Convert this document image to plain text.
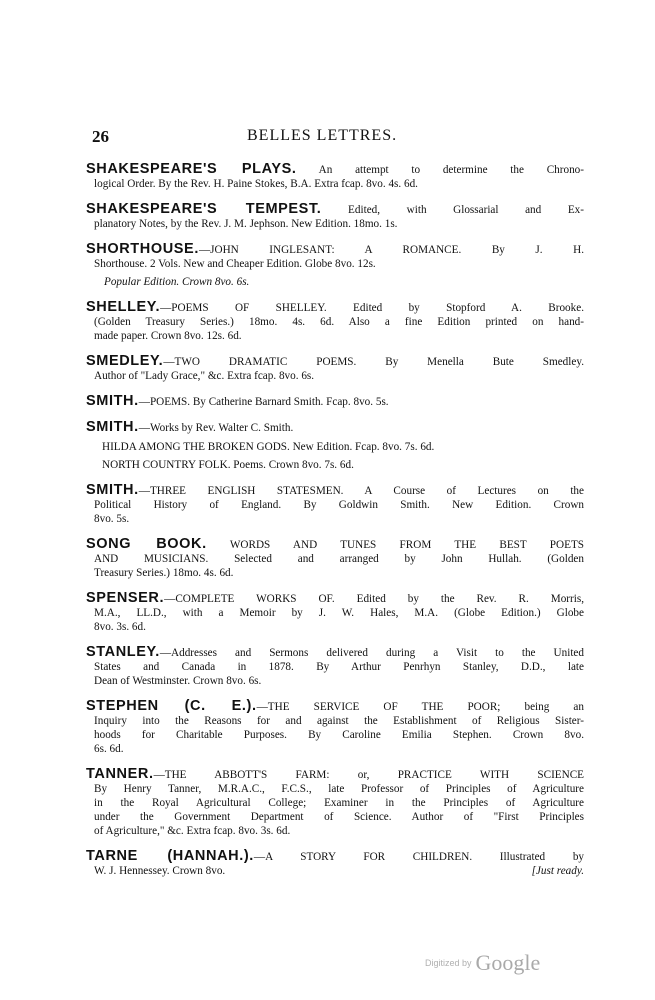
26	BELLES LETTRES.

SHAKESPEARE'S PLAYS. An attempt to determine the Chrono-

logical Order. By the Rev. H. Paine Stokes, B.A. Extra fcap. 8vo. 4s. 6d.

SHAKESPEARE'S TEMPEST. Edited, with Glossarial and Ex-

planatory Notes, by the Rev. J. M. Jephson. New Edition. 18mo. 1s.

SHORTHOUSE.—JOHN INGLESANT: A ROMANCE. By J. H.

Shorthouse. 2 Vols. New and Cheaper Edition. Globe 8vo. 12s.

Popular Edition. Crown 8vo. 6s.

SHELLEY.—POEMS OF SHELLEY. Edited by Stopford A. Brooke.

(Golden Treasury Series.) 18mo. 4s. 6d. Also a fine Edition printed on hand-

made paper. Crown 8vo. 12s. 6d.

SMEDLEY.—TWO DRAMATIC POEMS. By Menella Bute Smedley.

Author of "Lady Grace," &c. Extra fcap. 8vo. 6s.

SMITH.—POEMS. By Catherine Barnard Smith. Fcap. 8vo. 5s.

SMITH.—Works by Rev. Walter C. Smith.

HILDA AMONG THE BROKEN GODS. New Edition. Fcap. 8vo. 7s. 6d.

NORTH COUNTRY FOLK. Poems. Crown 8vo. 7s. 6d.

SMITH.—THREE ENGLISH STATESMEN. A Course of Lectures on the

Political History of England. By Goldwin Smith. New Edition. Crown

8vo. 5s.

SONG BOOK. WORDS AND TUNES FROM THE BEST POETS

AND MUSICIANS. Selected and arranged by John Hullah. (Golden

Treasury Series.) 18mo. 4s. 6d.

SPENSER.—COMPLETE WORKS OF. Edited by the Rev. R. Morris,

M.A., LL.D., with a Memoir by J. W. Hales, M.A. (Globe Edition.) Globe

8vo. 3s. 6d.

STANLEY.—Addresses and Sermons delivered during a Visit to the United

States and Canada in 1878. By Arthur Penrhyn Stanley, D.D., late

Dean of Westminster. Crown 8vo. 6s.

STEPHEN (C. E.).—THE SERVICE OF THE POOR; being an

Inquiry into the Reasons for and against the Establishment of Religious Sister-

hoods for Charitable Purposes. By Caroline Emilia Stephen. Crown 8vo.

6s. 6d.

TANNER.—THE ABBOTT'S FARM: or, PRACTICE WITH SCIENCE

By Henry Tanner, M.R.A.C., F.C.S., late Professor of Principles of Agriculture

in the Royal Agricultural College; Examiner in the Principles of Agriculture

under the Government Department of Science. Author of "First Principles

of Agriculture," &c. Extra fcap. 8vo. 3s. 6d.

TARNE (HANNAH.).—A STORY FOR CHILDREN. Illustrated by

W. J. Hennessey. Crown 8vo.	[Just ready.

Digitized by Google
